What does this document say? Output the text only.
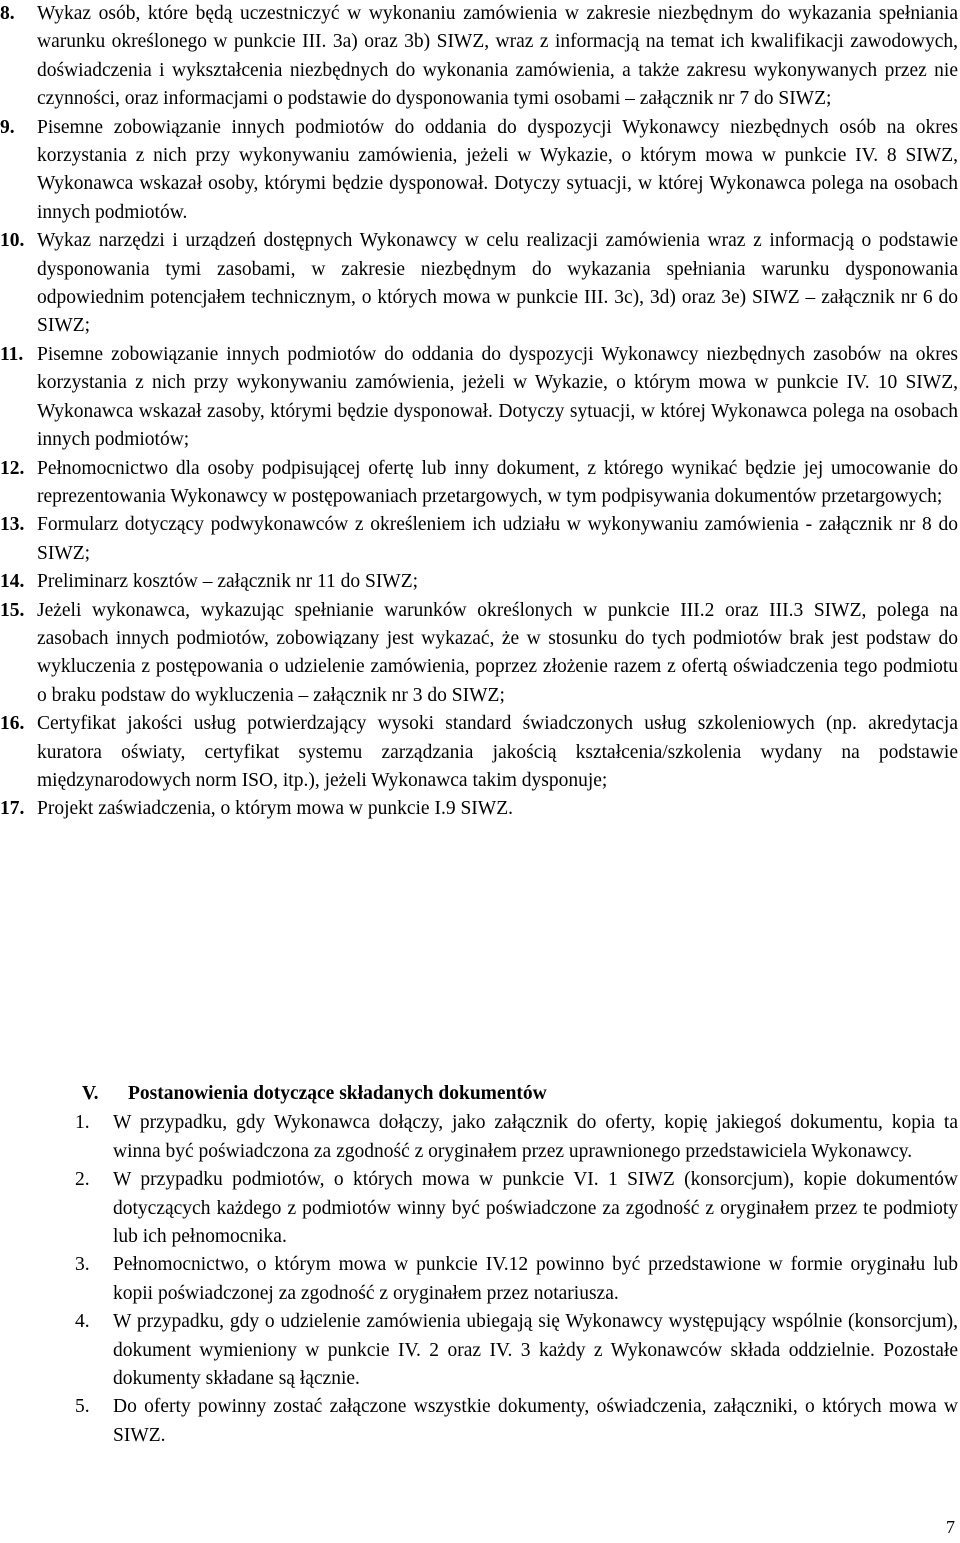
8.	Wykaz osób, które będą uczestniczyć w wykonaniu zamówienia w zakresie niezbędnym do wykazania spełniania warunku określonego w punkcie III. 3a) oraz 3b) SIWZ, wraz z informacją na temat ich kwalifikacji zawodowych, doświadczenia i wykształcenia niezbędnych do wykonania zamówienia, a także zakresu wykonywanych przez nie czynności, oraz informacjami o podstawie do dysponowania tymi osobami – załącznik nr 7 do SIWZ;
9.	Pisemne zobowiązanie innych podmiotów do oddania do dyspozycji Wykonawcy niezbędnych osób na okres korzystania z nich przy wykonywaniu zamówienia, jeżeli w Wykazie, o którym mowa w punkcie IV. 8 SIWZ, Wykonawca wskazał osoby, którymi będzie dysponował. Dotyczy sytuacji, w której Wykonawca polega na osobach innych podmiotów.
10. Wykaz narzędzi i urządzeń dostępnych Wykonawcy w celu realizacji zamówienia wraz z informacją o podstawie dysponowania tymi zasobami, w zakresie niezbędnym do wykazania spełniania warunku dysponowania odpowiednim potencjałem technicznym, o których mowa w punkcie III. 3c), 3d) oraz 3e) SIWZ – załącznik nr 6 do SIWZ;
11. Pisemne zobowiązanie innych podmiotów do oddania do dyspozycji Wykonawcy niezbędnych zasobów na okres korzystania z nich przy wykonywaniu zamówienia, jeżeli w Wykazie, o którym mowa w punkcie IV. 10 SIWZ, Wykonawca wskazał zasoby, którymi będzie dysponował. Dotyczy sytuacji, w której Wykonawca polega na osobach innych podmiotów;
12. Pełnomocnictwo dla osoby podpisującej ofertę lub inny dokument, z którego wynikać będzie jej umocowanie do reprezentowania Wykonawcy w postępowaniach przetargowych, w tym podpisywania dokumentów przetargowych;
13. Formularz dotyczący podwykonawców z określeniem ich udziału w wykonywaniu zamówienia - załącznik nr 8 do SIWZ;
14. Preliminarz kosztów – załącznik nr 11 do SIWZ;
15. Jeżeli wykonawca, wykazując spełnianie warunków określonych w punkcie III.2 oraz III.3 SIWZ, polega na zasobach innych podmiotów, zobowiązany jest wykazać, że w stosunku do tych podmiotów brak jest podstaw do wykluczenia z postępowania o udzielenie zamówienia, poprzez złożenie razem z ofertą oświadczenia tego podmiotu o braku podstaw do wykluczenia – załącznik nr 3 do SIWZ;
16. Certyfikat jakości usług potwierdzający wysoki standard świadczonych usług szkoleniowych (np. akredytacja kuratora oświaty, certyfikat systemu zarządzania jakością kształcenia/szkolenia wydany na podstawie międzynarodowych norm ISO, itp.), jeżeli Wykonawca takim dysponuje;
17. Projekt zaświadczenia, o którym mowa w punkcie I.9 SIWZ.
V.	Postanowienia dotyczące składanych dokumentów
1.	W przypadku, gdy Wykonawca dołączy, jako załącznik do oferty, kopię jakiegoś dokumentu, kopia ta winna być poświadczona za zgodność z oryginałem przez uprawnionego przedstawiciela Wykonawcy.
2.	W przypadku podmiotów, o których mowa w punkcie VI. 1 SIWZ (konsorcjum), kopie dokumentów dotyczących każdego z podmiotów winny być poświadczone za zgodność z oryginałem przez te podmioty lub ich pełnomocnika.
3.	Pełnomocnictwo, o którym mowa w punkcie IV.12 powinno być przedstawione w formie oryginału lub kopii poświadczonej za zgodność z oryginałem przez notariusza.
4.	W przypadku, gdy o udzielenie zamówienia ubiegają się Wykonawcy występujący wspólnie (konsorcjum), dokument wymieniony w punkcie IV. 2 oraz IV. 3 każdy z Wykonawców składa oddzielnie. Pozostałe dokumenty składane są łącznie.
5.	Do oferty powinny zostać załączone wszystkie dokumenty, oświadczenia, załączniki, o których mowa w SIWZ.
7
